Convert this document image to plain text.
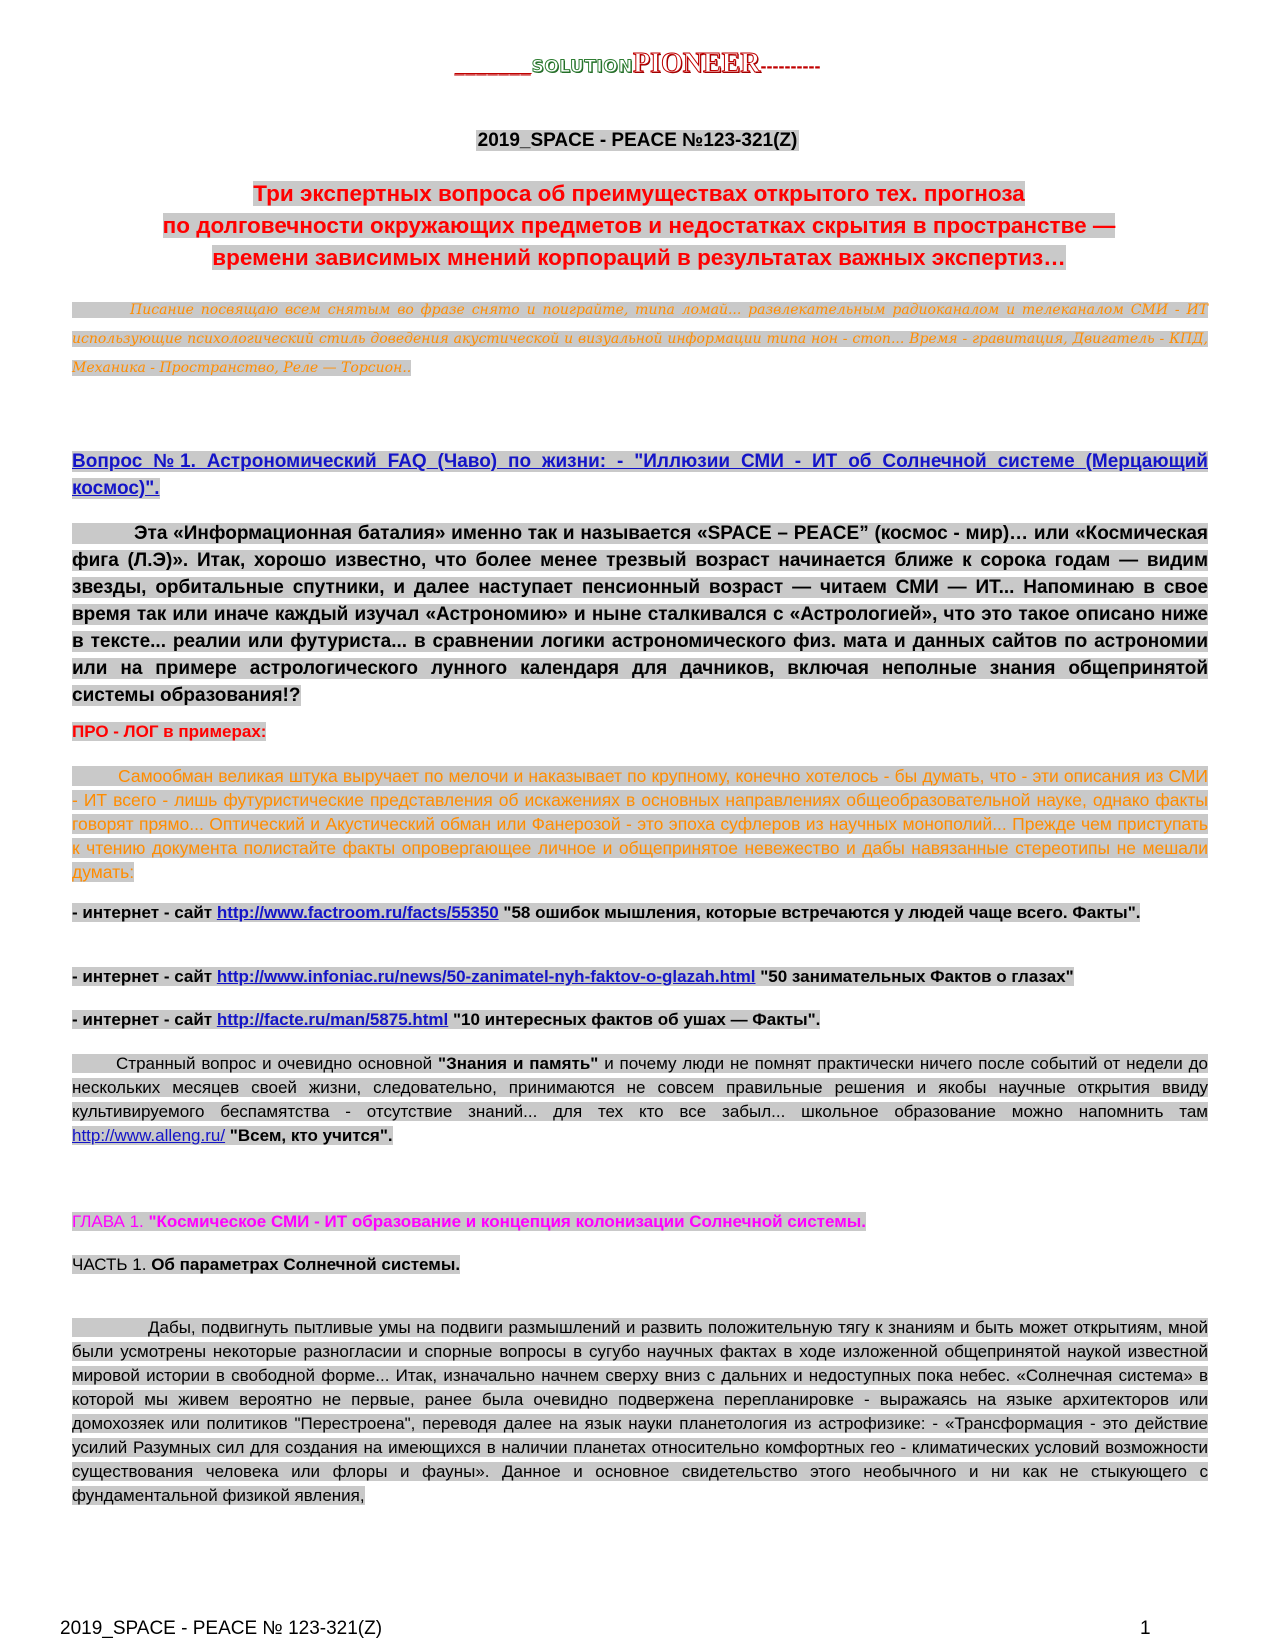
_______SOLUTIONPIONEER----------
2019_SPACE - PEACE №123-321(Z)
Три экспертных вопроса об преимуществах открытого тех. прогноза
по долговечности окружающих предметов и недостатках скрытия в пространстве —
времени зависимых мнений корпораций в результатах важных экспертиз…
Писание посвящаю всем снятым во фразе снято и поиграйте, типа ломай... развлекательным радиоканалом и телеканалом СМИ - ИТ использующие психологический стиль доведения акустической и визуальной информации типа нон - стоп... Время - гравитация, Двигатель - КПД, Механика - Пространство, Реле — Торсион..
Вопрос №1. Астрономический FAQ (Чаво) по жизни: - "Иллюзии СМИ - ИТ об Солнечной системе (Мерцающий космос)".
Эта «Информационная баталия» именно так и называется «SPACE – PEACE” (космос - мир)… или «Космическая фига (Л.Э)». Итак, хорошо известно, что более менее трезвый возраст начинается ближе к сорока годам — видим звезды, орбитальные спутники, и далее наступает пенсионный возраст — читаем СМИ — ИТ... Напоминаю в свое время так или иначе каждый изучал «Астрономию» и ныне сталкивался с «Астрологией», что это такое описано ниже в тексте... реалии или футуриста... в сравнении логики астрономического физ. мата и данных сайтов по астрономии или на примере астрологического лунного календаря для дачников, включая неполные знания общепринятой системы образования!?
ПРО - ЛОГ в примерах:
Самообман великая штука выручает по мелочи и наказывает по крупному, конечно хотелось - бы думать, что - эти описания из СМИ - ИТ всего - лишь футуристические представления об искажениях в основных направлениях общеобразовательной науке, однако факты говорят прямо... Оптический и Акустический обман или Фанерозой - это эпоха суфлеров из научных монополий... Прежде чем приступать к чтению документа полистайте факты опровергающее личное и общепринятое невежество и дабы навязанные стереотипы не мешали думать:
- интернет - сайт http://www.factroom.ru/facts/55350 "58 ошибок мышления, которые встречаются у людей чаще всего. Факты".
- интернет - сайт http://www.infoniac.ru/news/50-zanimatel-nyh-faktov-o-glazah.html "50 занимательных Фактов о глазах"
- интернет - сайт http://facte.ru/man/5875.html "10 интересных фактов об ушах — Факты".
Странный вопрос и очевидно основной "Знания и память" и почему люди не помнят практически ничего после событий от недели до нескольких месяцев своей жизни, следовательно, принимаются не совсем правильные решения и якобы научные открытия ввиду культивируемого беспамятства - отсутствие знаний... для тех кто все забыл... школьное образование можно напомнить там http://www.alleng.ru/ "Всем, кто учится".
ГЛАВА 1. "Космическое СМИ - ИТ образование и концепция колонизации Солнечной системы.
ЧАСТЬ 1. Об параметрах Солнечной системы.
Дабы, подвигнуть пытливые умы на подвиги размышлений и развить положительную тягу к знаниям и быть может открытиям, мной были усмотрены некоторые разногласии и спорные вопросы в сугубо научных фактах в ходе изложенной общепринятой наукой известной мировой истории в свободной форме... Итак, изначально начнем сверху вниз с дальних и недоступных пока небес. «Солнечная система» в которой мы живем вероятно не первые, ранее была очевидно подвержена перепланировке - выражаясь на языке архитекторов или домохозяек или политиков "Перестроена", переводя далее на язык науки планетология из астрофизике: - «Трансформация - это действие усилий Разумных сил для создания на имеющихся в наличии планетах относительно комфортных гео - климатических условий возможности существования человека или флоры и фауны». Данное и основное свидетельство этого необычного и ни как не стыкующего с фундаментальной физикой явления,
2019_SPACE - PEACE № 123-321(Z)	1
